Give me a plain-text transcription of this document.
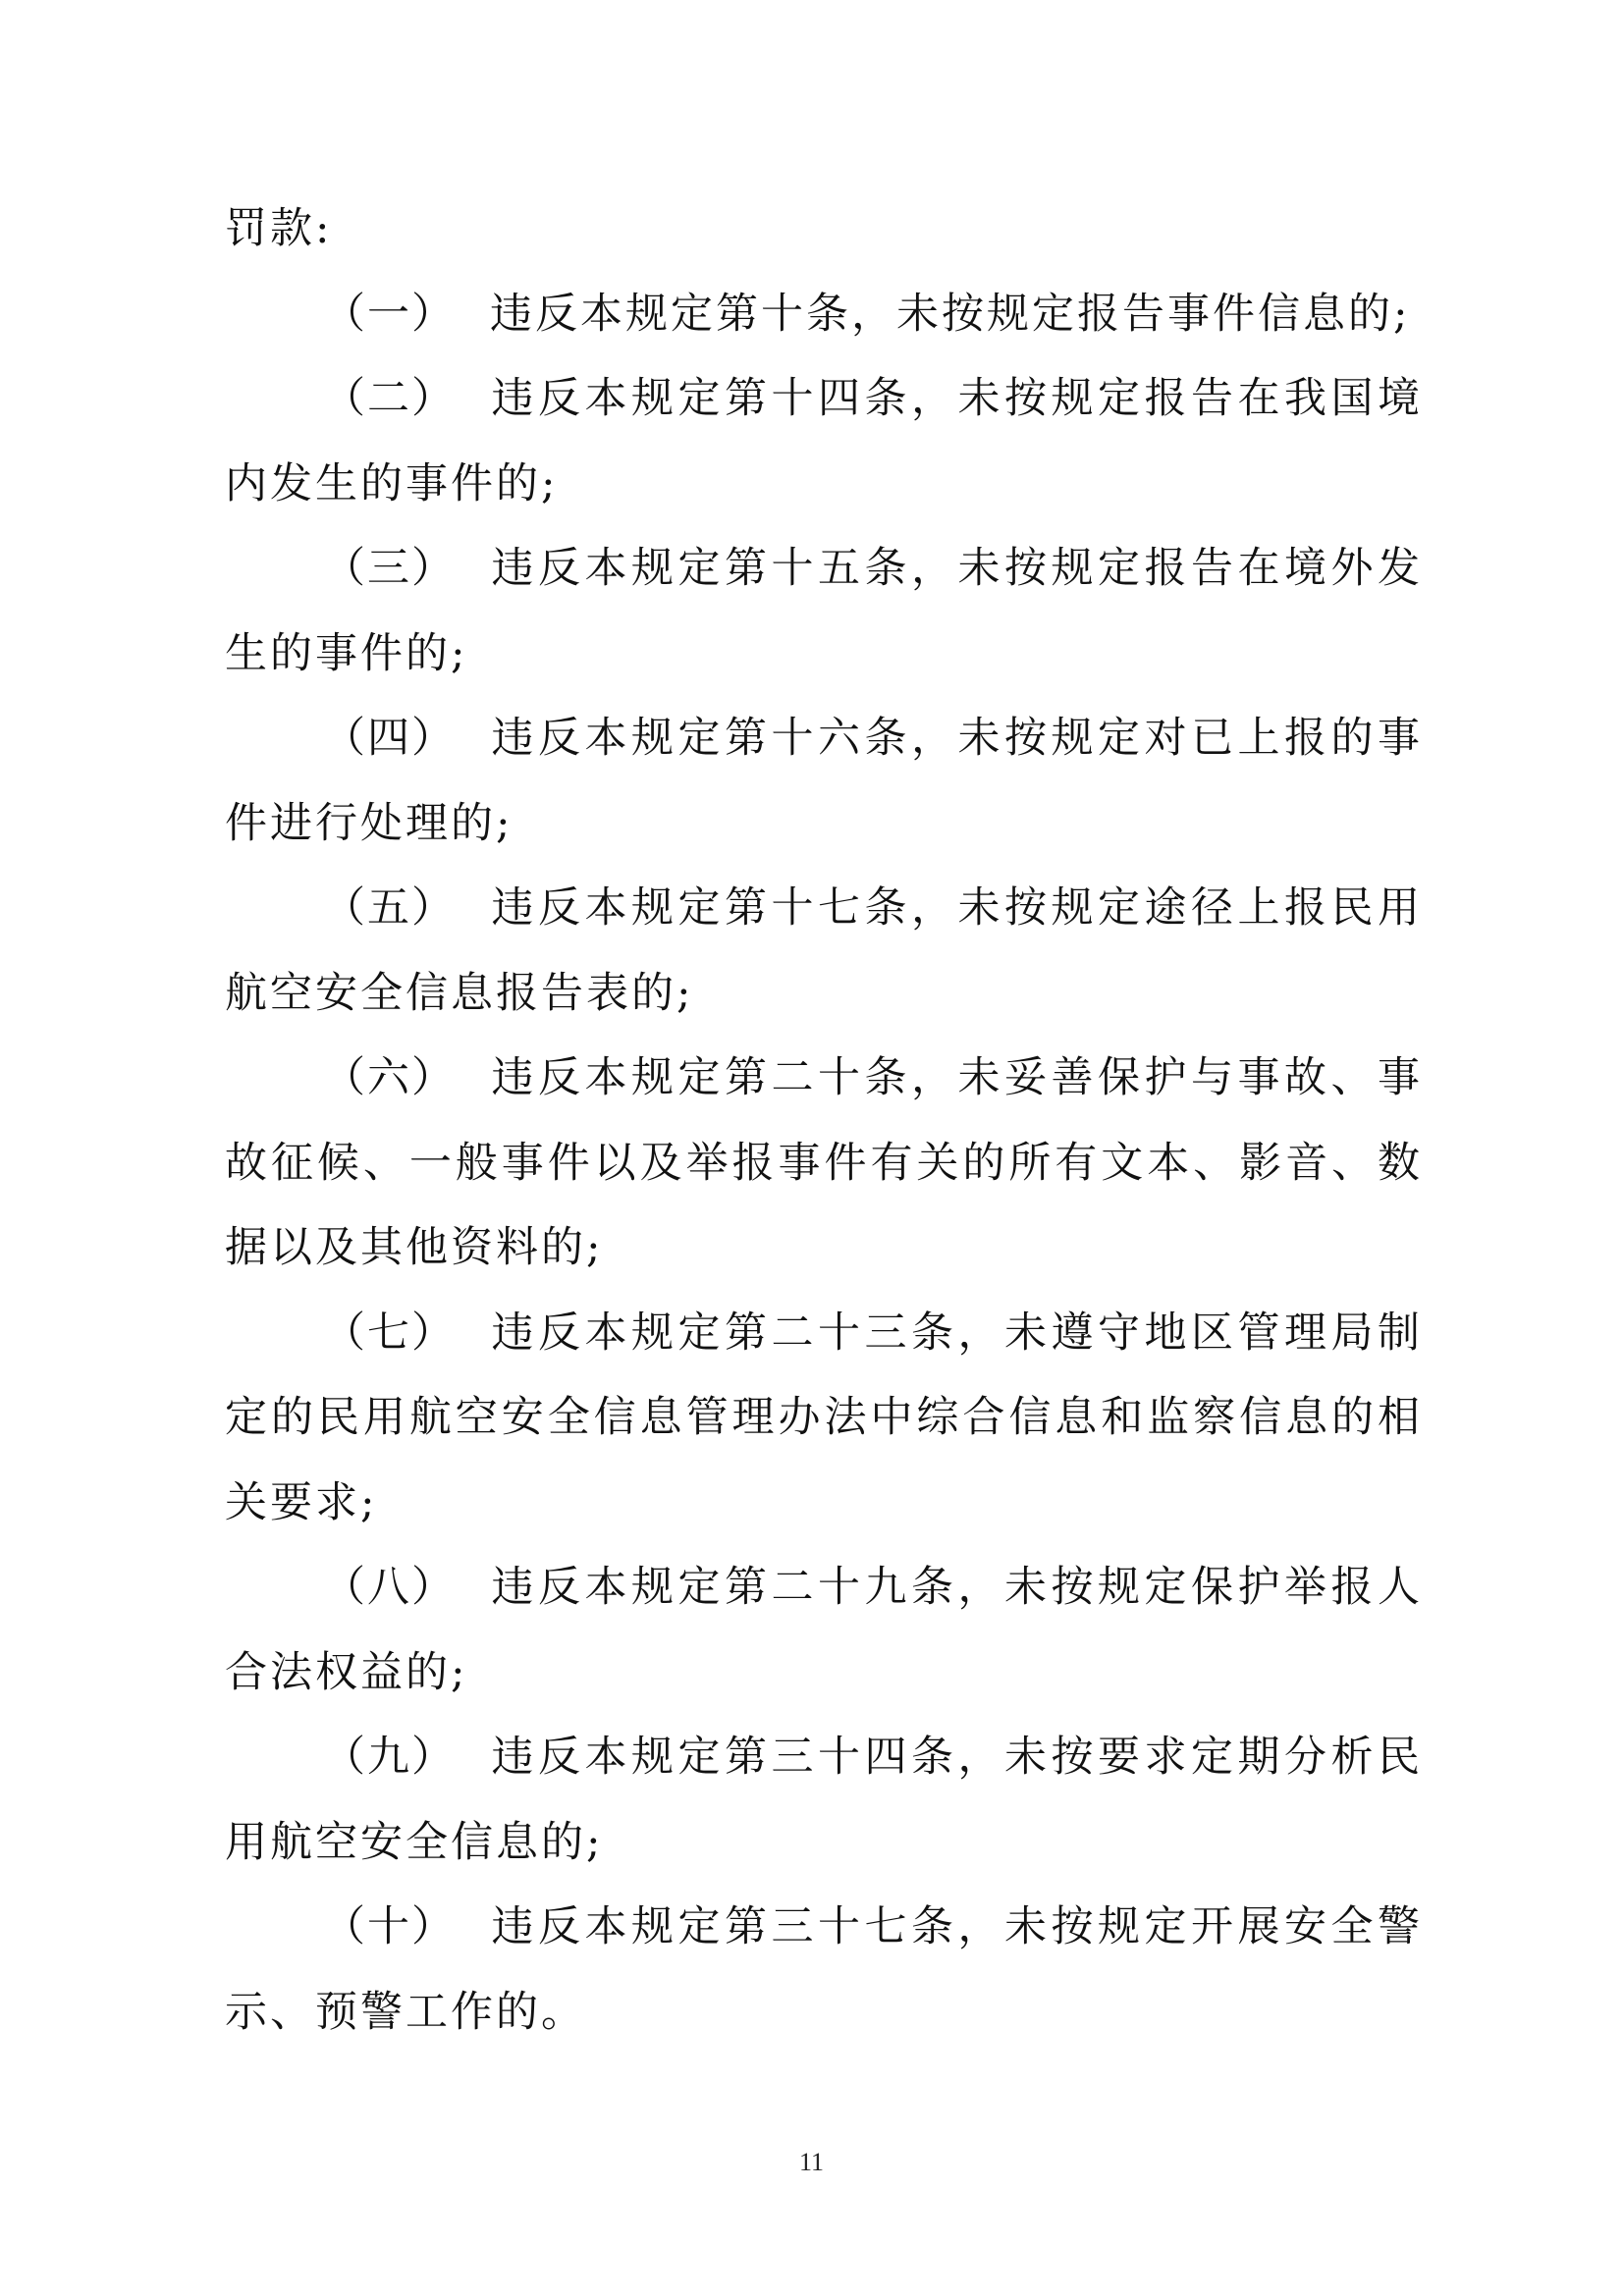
罚款:

（一） 违反本规定第十条，未按规定报告事件信息的;

（二） 违反本规定第十四条，未按规定报告在我国境内发生的事件的;

（三） 违反本规定第十五条，未按规定报告在境外发生的事件的;

（四） 违反本规定第十六条，未按规定对已上报的事件进行处理的;

（五） 违反本规定第十七条，未按规定途径上报民用航空安全信息报告表的;

（六） 违反本规定第二十条，未妥善保护与事故、事故征候、一般事件以及举报事件有关的所有文本、影音、数据以及其他资料的;

（七） 违反本规定第二十三条，未遵守地区管理局制定的民用航空安全信息管理办法中综合信息和监察信息的相关要求;

（八） 违反本规定第二十九条，未按规定保护举报人合法权益的;

（九） 违反本规定第三十四条，未按要求定期分析民用航空安全信息的;

（十） 违反本规定第三十七条，未按规定开展安全警示、预警工作的。

11
